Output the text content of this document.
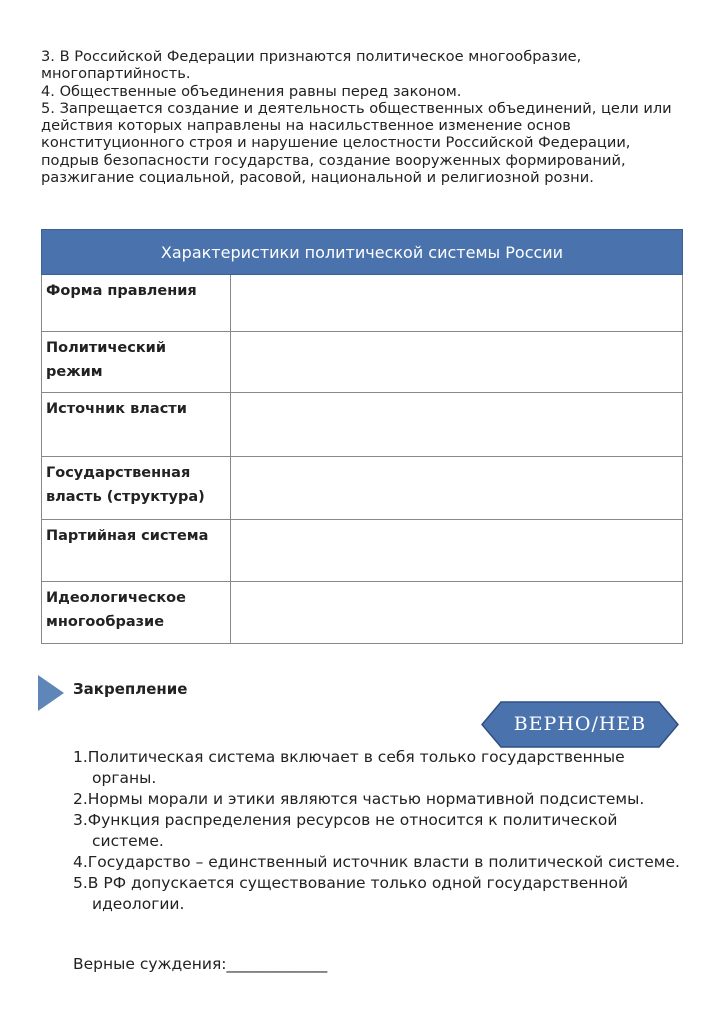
3. В Российской Федерации признаются политическое многообразие, многопартийность.
4. Общественные объединения равны перед законом.
5. Запрещается создание и деятельность общественных объединений, цели или действия которых направлены на насильственное изменение основ конституционного строя и нарушение целостности Российской Федерации, подрыв безопасности государства, создание вооруженных формирований, разжигание социальной, расовой, национальной и религиозной розни.
Характеристики политической системы России	
Форма правления	
Политический режим	
Источник власти	
Государственная власть (структура)	
Партийная система	
Идеологическое многообразие	
Закрепление
ВЕРНО/НЕВ
1.Политическая система включает в себя только государственные органы.
2.Нормы морали и этики являются частью нормативной подсистемы.
3.Функция распределения ресурсов не относится к политической системе.
4.Государство – единственный источник власти в политической системе.
5.В РФ допускается существование только одной государственной идеологии.
Верные суждения:_____________
